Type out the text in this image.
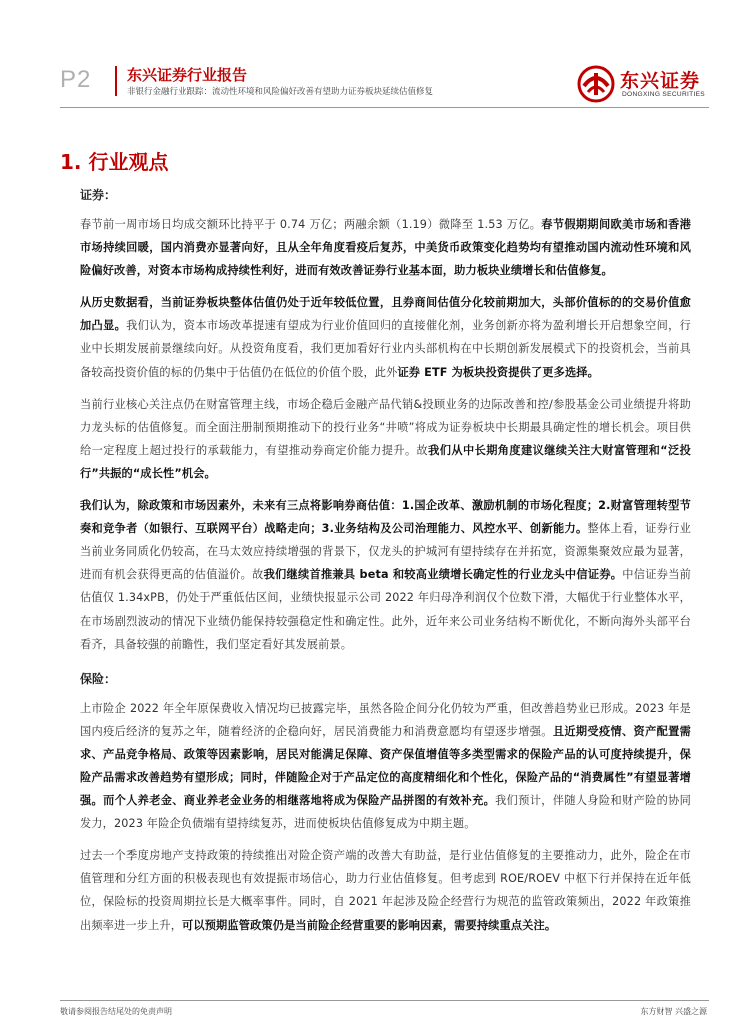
P2 东兴证券行业报告
非银行金融行业跟踪：流动性环境和风险偏好改善有望助力证券板块延续估值修复	东兴证券
DONGXING SECURITIES
1. 行业观点
证券：

春节前一周市场日均成交额环比持平于 0.74 万亿；两融余额（1.19）微降至 1.53 万亿。春节假期期间欧美市场和香港市场持续回暖，国内消费亦显著向好，且从全年角度看疫后复苏，中美货币政策变化趋势均有望推动国内流动性环境和风险偏好改善，对资本市场构成持续性利好，进而有效改善证券行业基本面，助力板块业绩增长和估值修复。

从历史数据看，当前证券板块整体估值仍处于近年较低位置，且券商间估值分化较前期加大，头部价值标的的交易价值愈加凸显。我们认为，资本市场改革提速有望成为行业价值回归的直接催化剂，业务创新亦将为盈利增长开启想象空间，行业中长期发展前景继续向好。从投资角度看，我们更加看好行业内头部机构在中长期创新发展模式下的投资机会，当前具备较高投资价值的标的仍集中于估值仍在低位的价值个股，此外证券 ETF 为板块投资提供了更多选择。

当前行业核心关注点仍在财富管理主线，市场企稳后金融产品代销&投顾业务的边际改善和控/参股基金公司业绩提升将助力龙头标的估值修复。而全面注册制预期推动下的投行业务“井喷”将成为证券板块中长期最具确定性的增长机会。项目供给一定程度上超过投行的承载能力，有望推动券商定价能力提升。故我们从中长期角度建议继续关注大财富管理和“泛投行”共振的“成长性”机会。

我们认为，除政策和市场因素外，未来有三点将影响券商估值：1.国企改革、激励机制的市场化程度；2.财富管理转型节奏和竞争者（如银行、互联网平台）战略走向；3.业务结构及公司治理能力、风控水平、创新能力。整体上看，证券行业当前业务同质化仍较高，在马太效应持续增强的背景下，仅龙头的护城河有望持续存在并拓宽，资源集聚效应最为显著，进而有机会获得更高的估值溢价。故我们继续首推兼具 beta 和较高业绩增长确定性的行业龙头中信证券。中信证券当前估值仅 1.34xPB，仍处于严重低估区间，业绩快报显示公司 2022 年归母净利润仅个位数下滑，大幅优于行业整体水平，在市场剧烈波动的情况下业绩仍能保持较强稳定性和确定性。此外，近年来公司业务结构不断优化，不断向海外头部平台看齐，具备较强的前瞻性，我们坚定看好其发展前景。

保险：

上市险企 2022 年全年原保费收入情况均已披露完毕，虽然各险企间分化仍较为严重，但改善趋势业已形成。2023 年是国内疫后经济的复苏之年，随着经济的企稳向好，居民消费能力和消费意愿均有望逐步增强。且近期受疫情、资产配置需求、产品竞争格局、政策等因素影响，居民对能满足保障、资产保值增值等多类型需求的保险产品的认可度持续提升，保险产品需求改善趋势有望形成；同时，伴随险企对于产品定位的高度精细化和个性化，保险产品的“消费属性”有望显著增强。而个人养老金、商业养老金业务的相继落地将成为保险产品拼图的有效补充。我们预计，伴随人身险和财产险的协同发力，2023 年险企负债端有望持续复苏，进而使板块估值修复成为中期主题。

过去一个季度房地产支持政策的持续推出对险企资产端的改善大有助益，是行业估值修复的主要推动力，此外，险企在市值管理和分红方面的积极表现也有效提振市场信心，助力行业估值修复。但考虑到 ROE/ROEV 中枢下行并保持在近年低位，保险标的投资周期拉长是大概率事件。同时，自 2021 年起涉及险企经营行为规范的监管政策频出，2022 年政策推出频率进一步上升，可以预期监管政策仍是当前险企经营重要的影响因素，需要持续重点关注。

敬请参阅报告结尾处的免责声明	东方财智 兴盛之源
